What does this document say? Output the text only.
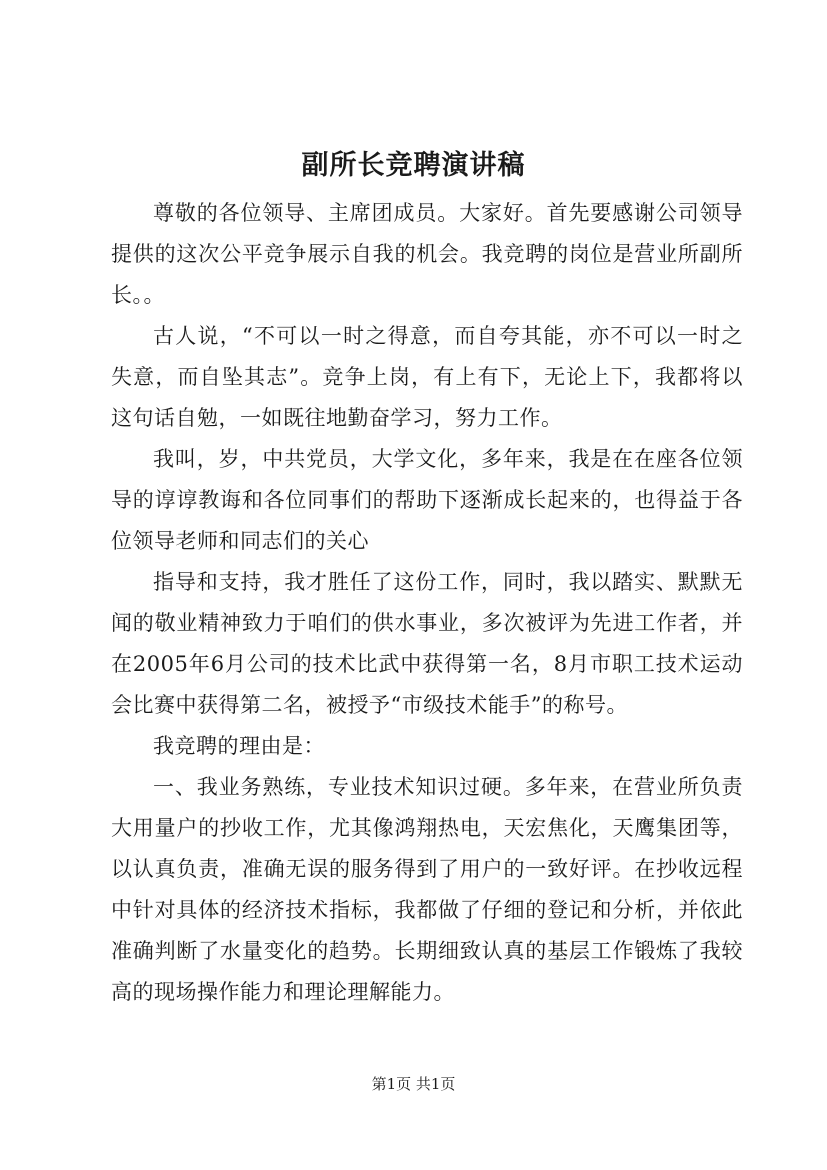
副所长竞聘演讲稿

尊敬的各位领导、主席团成员。大家好。首先要感谢公司领导提供的这次公平竞争展示自我的机会。我竞聘的岗位是营业所副所长。。

古人说，“不可以一时之得意，而自夸其能，亦不可以一时之失意，而自坠其志”。竞争上岗，有上有下，无论上下，我都将以这句话自勉，一如既往地勤奋学习，努力工作。

我叫，岁，中共党员，大学文化，多年来，我是在在座各位领导的谆谆教诲和各位同事们的帮助下逐渐成长起来的，也得益于各位领导老师和同志们的关心

指导和支持，我才胜任了这份工作，同时，我以踏实、默默无闻的敬业精神致力于咱们的供水事业，多次被评为先进工作者，并在2005年6月公司的技术比武中获得第一名，8月市职工技术运动会比赛中获得第二名，被授予“市级技术能手”的称号。

我竞聘的理由是：

一、我业务熟练，专业技术知识过硬。多年来，在营业所负责大用量户的抄收工作，尤其像鸿翔热电，天宏焦化，天鹰集团等，以认真负责，准确无误的服务得到了用户的一致好评。在抄收远程中针对具体的经济技术指标，我都做了仔细的登记和分析，并依此准确判断了水量变化的趋势。长期细致认真的基层工作锻炼了我较高的现场操作能力和理论理解能力。

第1页 共1页
